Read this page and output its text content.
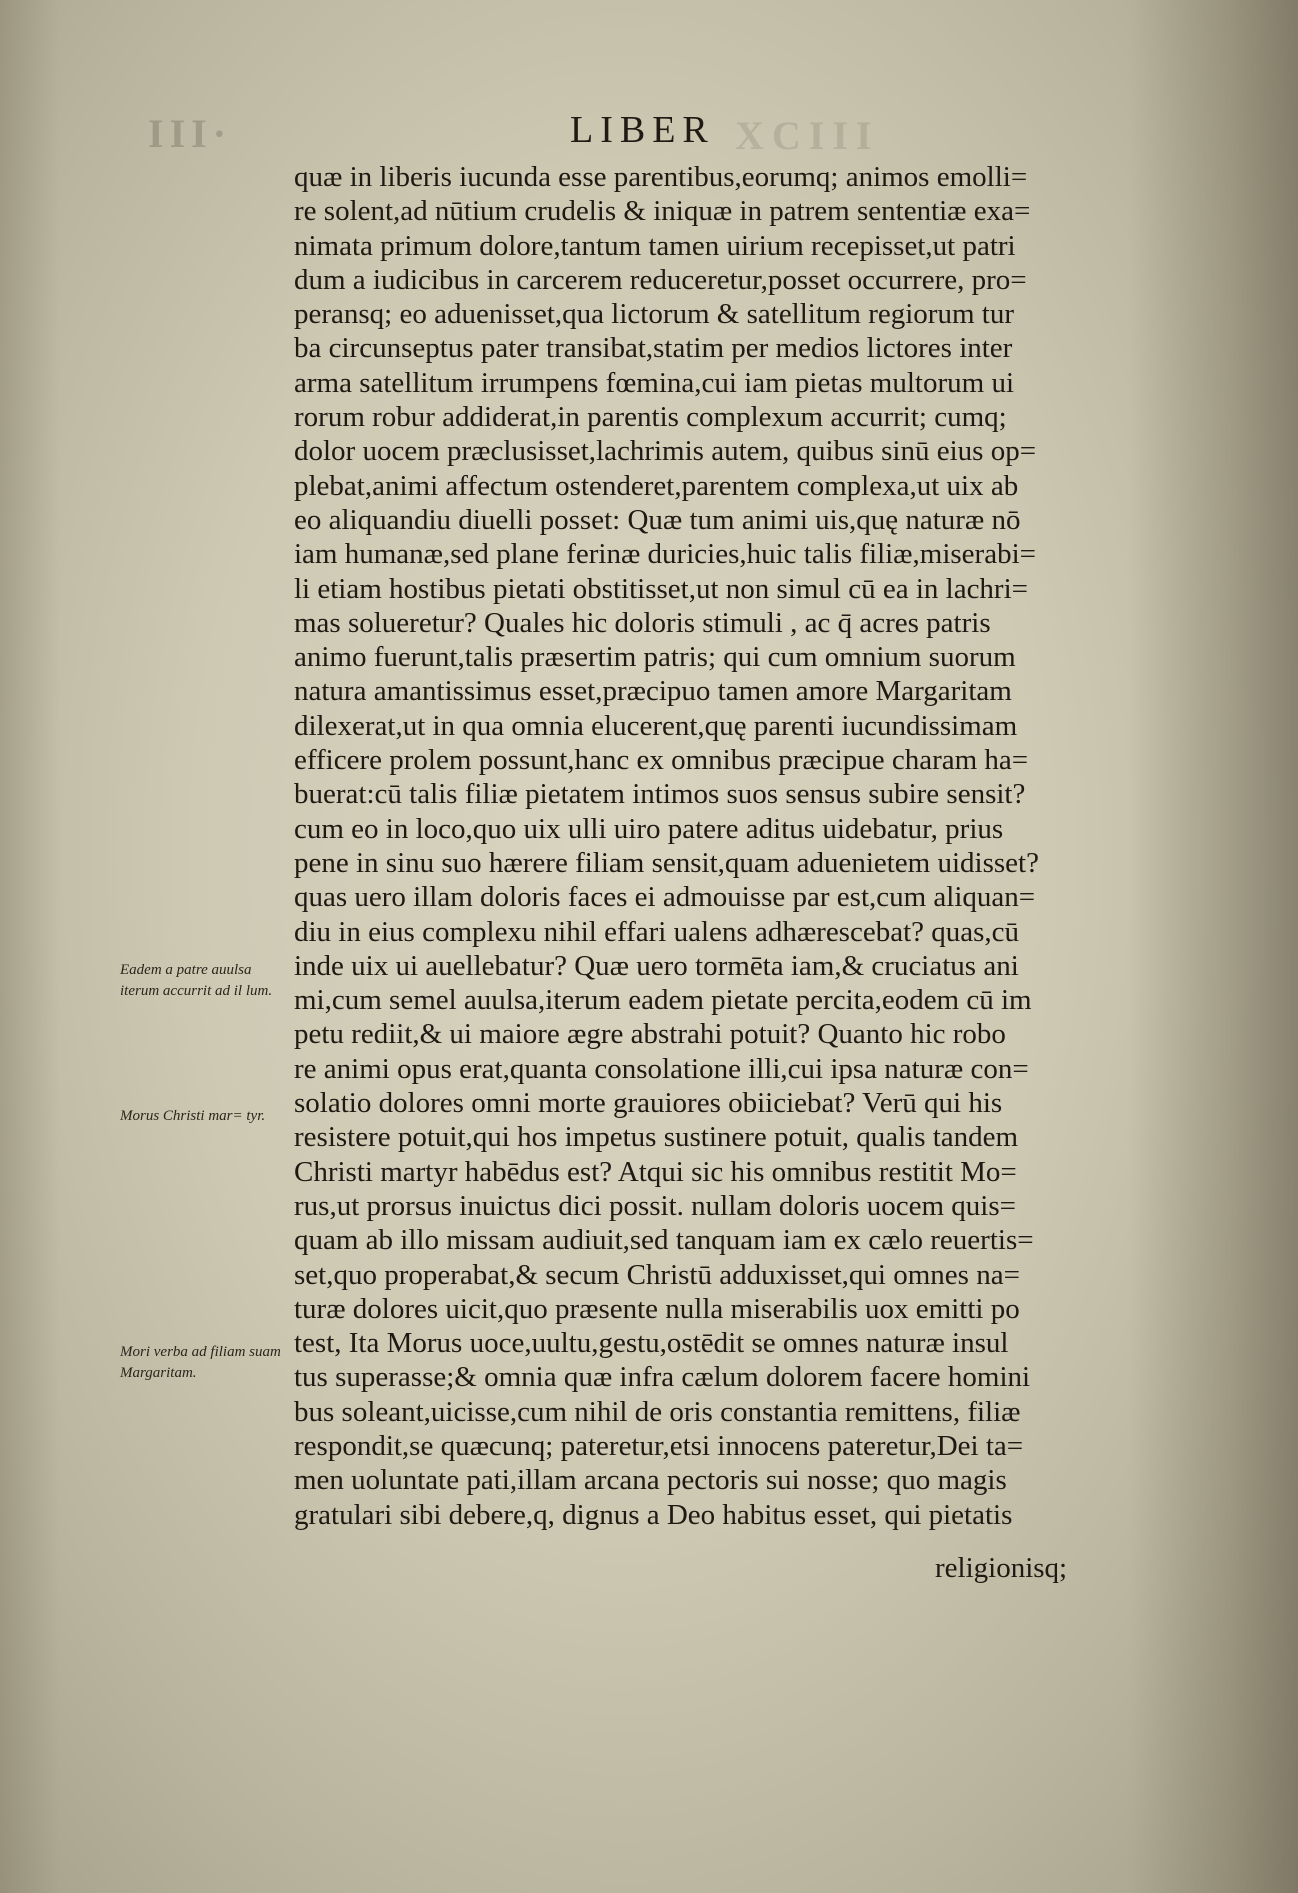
III·	XCIII
LIBER
quæ in liberis iucunda esse parentibus,eorumq; animos emolli=
re solent,ad nūtium crudelis & iniquæ in patrem sententiæ exa=
nimata primum dolore,tantum tamen uirium recepisset,ut patri
dum a iudicibus in carcerem reduceretur,posset occurrere, pro=
peransq; eo aduenisset,qua lictorum & satellitum regiorum tur
ba circunseptus pater transibat,statim per medios lictores inter
arma satellitum irrumpens fœmina,cui iam pietas multorum ui
rorum robur addiderat,in parentis complexum accurrit; cumq;
dolor uocem præclusisset,lachrimis autem, quibus sinū eius op=
plebat,animi affectum ostenderet,parentem complexa,ut uix ab
eo aliquandiu diuelli posset: Quæ tum animi uis,quę naturæ nō
iam humanæ,sed plane ferinæ duricies,huic talis filiæ,miserabi=
li etiam hostibus pietati obstitisset,ut non simul cū ea in lachri=
mas solueretur? Quales hic doloris stimuli , ac q̄ acres patris
animo fuerunt,talis præsertim patris; qui cum omnium suorum
natura amantissimus esset,præcipuo tamen amore Margaritam
dilexerat,ut in qua omnia elucerent,quę parenti iucundissimam
efficere prolem possunt,hanc ex omnibus præcipue charam ha=
buerat:cū talis filiæ pietatem intimos suos sensus subire sensit?
cum eo in loco,quo uix ulli uiro patere aditus uidebatur, prius
pene in sinu suo hærere filiam sensit,quam aduenietem uidisset?
quas uero illam doloris faces ei admouisse par est,cum aliquan=
diu in eius complexu nihil effari ualens adhærescebat? quas,cū
inde uix ui auellebatur? Quæ uero tormēta iam,& cruciatus ani
mi,cum semel auulsa,iterum eadem pietate percita,eodem cū im
petu rediit,& ui maiore ægre abstrahi potuit? Quanto hic robo
re animi opus erat,quanta consolatione illi,cui ipsa naturæ con=
solatio dolores omni morte grauiores obiiciebat? Verū qui his
resistere potuit,qui hos impetus sustinere potuit, qualis tandem
Christi martyr habēdus est? Atqui sic his omnibus restitit Mo=
rus,ut prorsus inuictus dici possit. nullam doloris uocem quis=
quam ab illo missam audiuit,sed tanquam iam ex cælo reuertis=
set,quo properabat,& secum Christū adduxisset,qui omnes na=
turæ dolores uicit,quo præsente nulla miserabilis uox emitti po
test, Ita Morus uoce,uultu,gestu,ostēdit se omnes naturæ insul
tus superasse;& omnia quæ infra cælum dolorem facere homini
bus soleant,uicisse,cum nihil de oris constantia remittens, filiæ
respondit,se quæcunq; pateretur,etsi innocens pateretur,Dei ta=
men uoluntate pati,illam arcana pectoris sui nosse; quo magis
gratulari sibi debere,q, dignus a Deo habitus esset, qui pietatis
religionisq;
Eadem a patre auulsa iterum accurrit ad il lum.
Morus Christi mar= tyr.
Mori verba ad filiam suam Margaritam.
